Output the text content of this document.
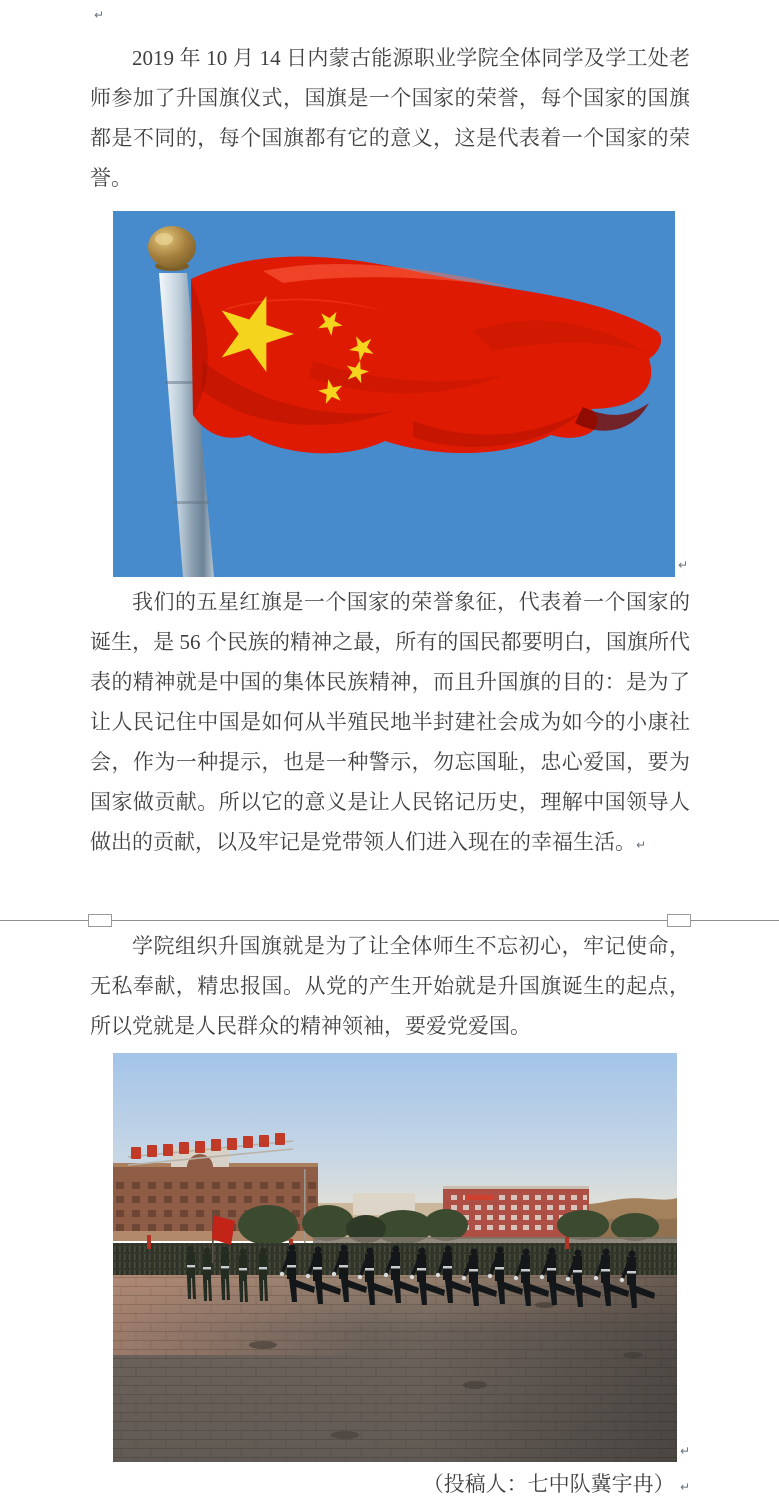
↵

2019 年 10 月 14 日内蒙古能源职业学院全体同学及学工处老师参加了升国旗仪式，国旗是一个国家的荣誉，每个国家的国旗都是不同的，每个国旗都有它的意义，这是代表着一个国家的荣誉。

↵

我们的五星红旗是一个国家的荣誉象征，代表着一个国家的诞生，是 56 个民族的精神之最，所有的国民都要明白，国旗所代表的精神就是中国的集体民族精神，而且升国旗的目的：是为了让人民记住中国是如何从半殖民地半封建社会成为如今的小康社会，作为一种提示，也是一种警示，勿忘国耻，忠心爱国，要为国家做贡献。所以它的意义是让人民铭记历史，理解中国领导人做出的贡献，以及牢记是党带领人们进入现在的幸福生活。↵

学院组织升国旗就是为了让全体师生不忘初心，牢记使命，无私奉献，精忠报国。从党的产生开始就是升国旗诞生的起点，所以党就是人民群众的精神领袖，要爱党爱国。

↵

（投稿人：七中队冀宇冉） ↵
